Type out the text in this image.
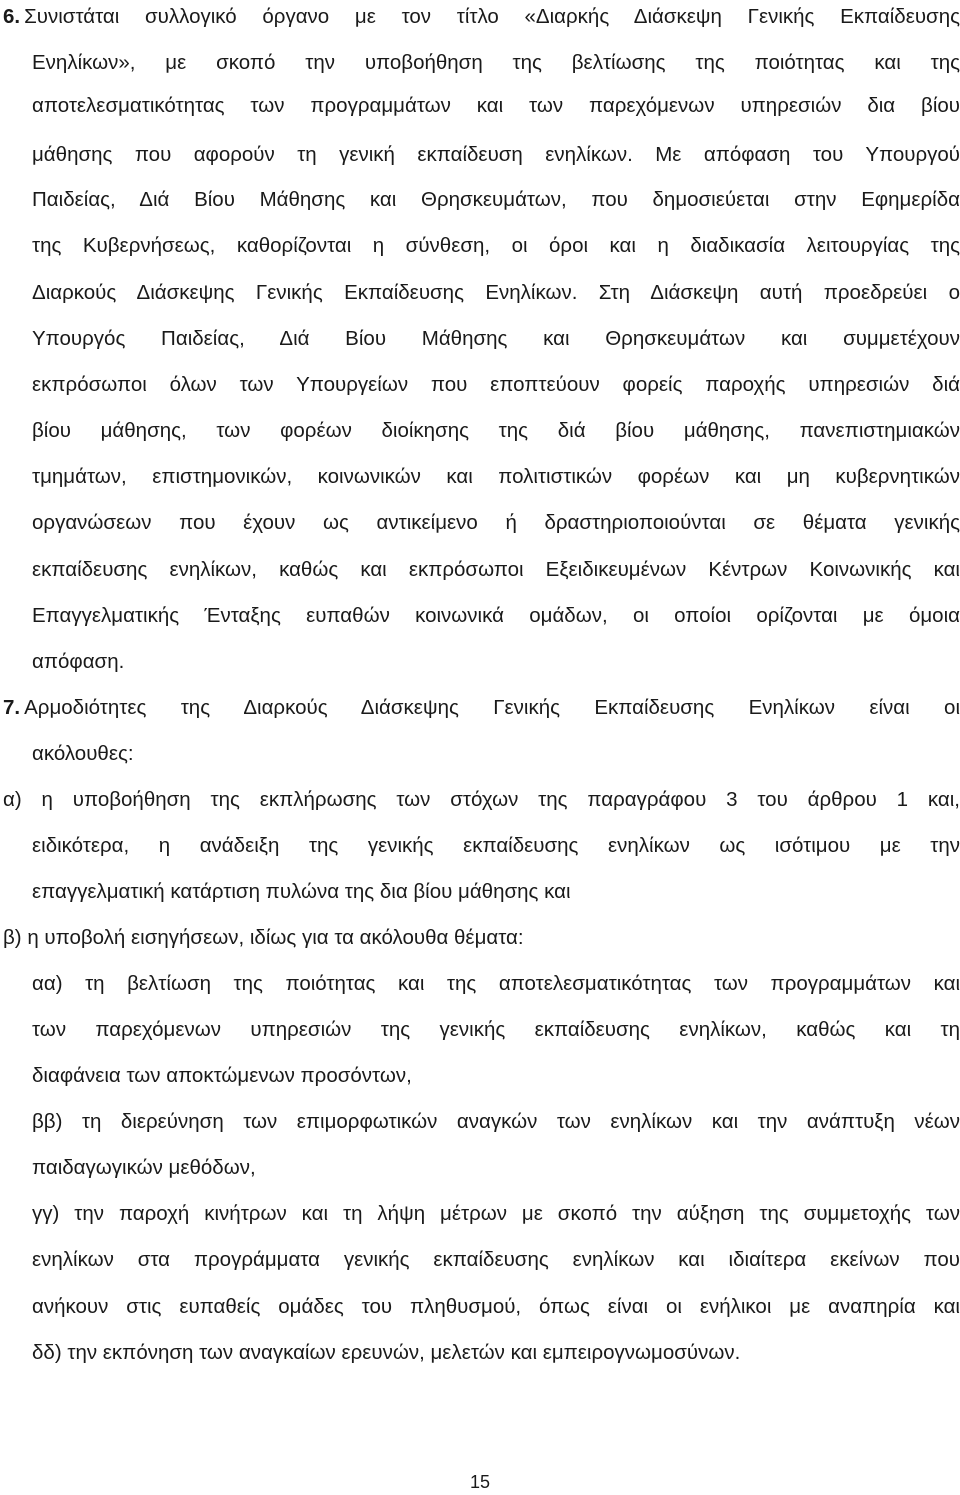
6. Συνιστάται συλλογικό όργανο με τον τίτλο «Διαρκής Διάσκεψη Γενικής Εκπαίδευσης
Ενηλίκων», με σκοπό την υποβοήθηση της βελτίωσης της ποιότητας και της
αποτελεσματικότητας των προγραμμάτων και των παρεχόμενων υπηρεσιών δια βίου
μάθησης που αφορούν τη γενική εκπαίδευση ενηλίκων. Με απόφαση του Υπουργού
Παιδείας, Διά Βίου Μάθησης και Θρησκευμάτων, που δημοσιεύεται στην Εφημερίδα
της Κυβερνήσεως, καθορίζονται η σύνθεση, οι όροι και η διαδικασία λειτουργίας της
Διαρκούς Διάσκεψης Γενικής Εκπαίδευσης Ενηλίκων. Στη Διάσκεψη αυτή προεδρεύει ο
Υπουργός Παιδείας, Διά Βίου Μάθησης και Θρησκευμάτων και συμμετέχουν
εκπρόσωποι όλων των Υπουργείων που εποπτεύουν φορείς παροχής υπηρεσιών διά
βίου μάθησης, των φορέων διοίκησης της διά βίου μάθησης, πανεπιστημιακών
τμημάτων, επιστημονικών, κοινωνικών και πολιτιστικών φορέων και μη κυβερνητικών
οργανώσεων που έχουν ως αντικείμενο ή δραστηριοποιούνται σε θέματα γενικής
εκπαίδευσης ενηλίκων, καθώς και εκπρόσωποι Εξειδικευμένων Κέντρων Κοινωνικής και
Επαγγελματικής Ένταξης ευπαθών κοινωνικά ομάδων, οι οποίοι ορίζονται με όμοια
απόφαση.
7. Αρμοδιότητες της Διαρκούς Διάσκεψης Γενικής Εκπαίδευσης Ενηλίκων είναι οι
ακόλουθες:
α) η υποβοήθηση της εκπλήρωσης των στόχων της παραγράφου 3 του άρθρου 1 και,
ειδικότερα, η ανάδειξη της γενικής εκπαίδευσης ενηλίκων ως ισότιμου με την
επαγγελματική κατάρτιση πυλώνα της δια βίου μάθησης και
β) η υποβολή εισηγήσεων, ιδίως για τα ακόλουθα θέματα:
αα) τη βελτίωση της ποιότητας και της αποτελεσματικότητας των προγραμμάτων και
των παρεχόμενων υπηρεσιών της γενικής εκπαίδευσης ενηλίκων, καθώς και τη
διαφάνεια των αποκτώμενων προσόντων,
ββ) τη διερεύνηση των επιμορφωτικών αναγκών των ενηλίκων και την ανάπτυξη νέων
παιδαγωγικών μεθόδων,
γγ) την παροχή κινήτρων και τη λήψη μέτρων με σκοπό την αύξηση της συμμετοχής των
ενηλίκων στα προγράμματα γενικής εκπαίδευσης ενηλίκων και ιδιαίτερα εκείνων που
ανήκουν στις ευπαθείς ομάδες του πληθυσμού, όπως είναι οι ενήλικοι με αναπηρία και
δδ) την εκπόνηση των αναγκαίων ερευνών, μελετών και εμπειρογνωμοσύνων.
15
